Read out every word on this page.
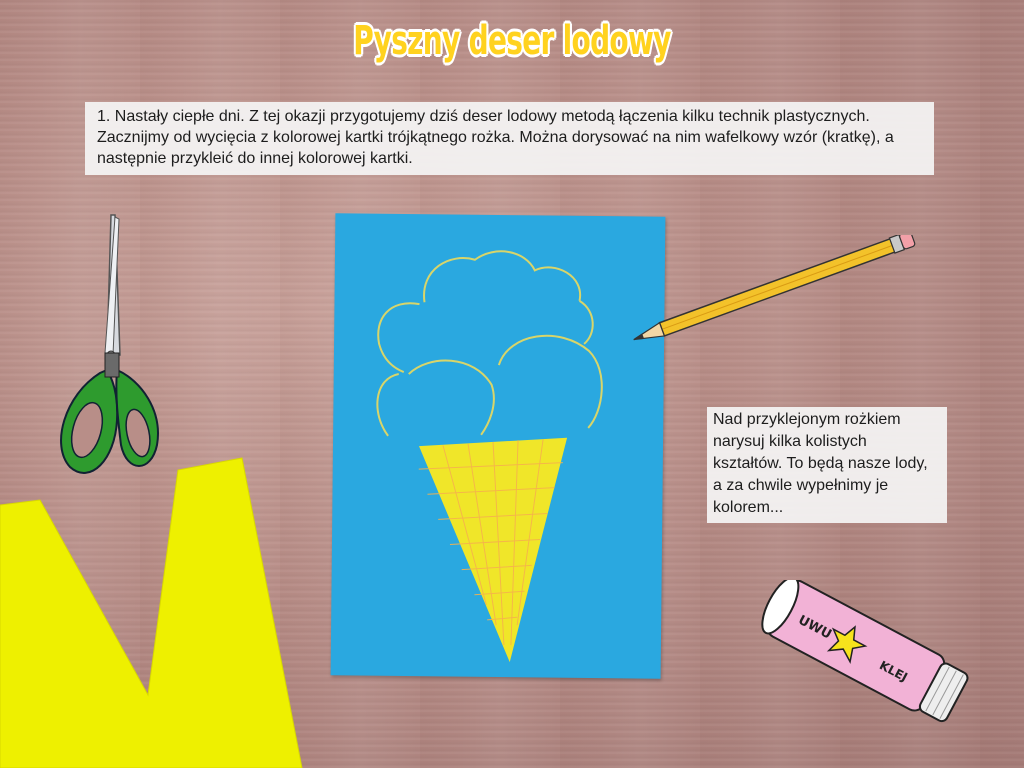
Pyszny deser lodowy
1. Nastały ciepłe dni. Z tej okazji przygotujemy dziś deser lodowy metodą łączenia kilku technik plastycznych. Zacznijmy od wycięcia z kolorowej kartki trójkątnego rożka. Można dorysować na nim wafelkowy wzór (kratkę), a następnie przykleić do innej kolorowej kartki.
Nad przyklejonym rożkiem narysuj kilka kolistych kształtów. To będą nasze lody, a za chwile wypełnimy je kolorem...
UWU
KLEJ
